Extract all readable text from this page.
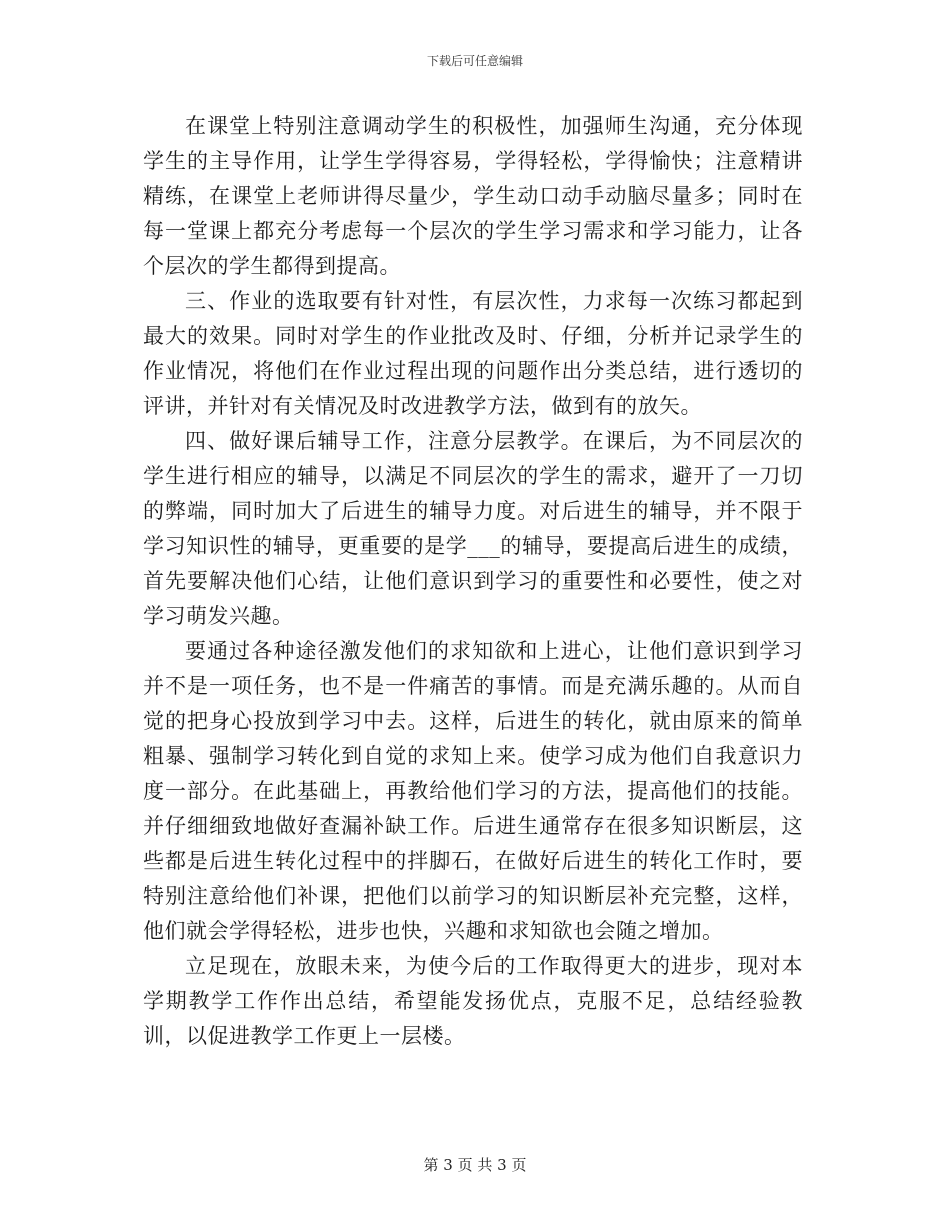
下载后可任意编辑

在课堂上特别注意调动学生的积极性，加强师生沟通，充分体现学生的主导作用，让学生学得容易，学得轻松，学得愉快；注意精讲精练，在课堂上老师讲得尽量少，学生动口动手动脑尽量多；同时在每一堂课上都充分考虑每一个层次的学生学习需求和学习能力，让各个层次的学生都得到提高。

三、作业的选取要有针对性，有层次性，力求每一次练习都起到最大的效果。同时对学生的作业批改及时、仔细，分析并记录学生的作业情况，将他们在作业过程出现的问题作出分类总结，进行透切的评讲，并针对有关情况及时改进教学方法，做到有的放矢。

四、做好课后辅导工作，注意分层教学。在课后，为不同层次的学生进行相应的辅导，以满足不同层次的学生的需求，避开了一刀切的弊端，同时加大了后进生的辅导力度。对后进生的辅导，并不限于学习知识性的辅导，更重要的是学___的辅导，要提高后进生的成绩，首先要解决他们心结，让他们意识到学习的重要性和必要性，使之对学习萌发兴趣。

要通过各种途径激发他们的求知欲和上进心，让他们意识到学习并不是一项任务，也不是一件痛苦的事情。而是充满乐趣的。从而自觉的把身心投放到学习中去。这样，后进生的转化，就由原来的简单粗暴、强制学习转化到自觉的求知上来。使学习成为他们自我意识力度一部分。在此基础上，再教给他们学习的方法，提高他们的技能。并仔细细致地做好查漏补缺工作。后进生通常存在很多知识断层，这些都是后进生转化过程中的拌脚石，在做好后进生的转化工作时，要特别注意给他们补课，把他们以前学习的知识断层补充完整，这样，他们就会学得轻松，进步也快，兴趣和求知欲也会随之增加。

立足现在，放眼未来，为使今后的工作取得更大的进步，现对本学期教学工作作出总结，希望能发扬优点，克服不足，总结经验教训，以促进教学工作更上一层楼。

第 3 页 共 3 页
